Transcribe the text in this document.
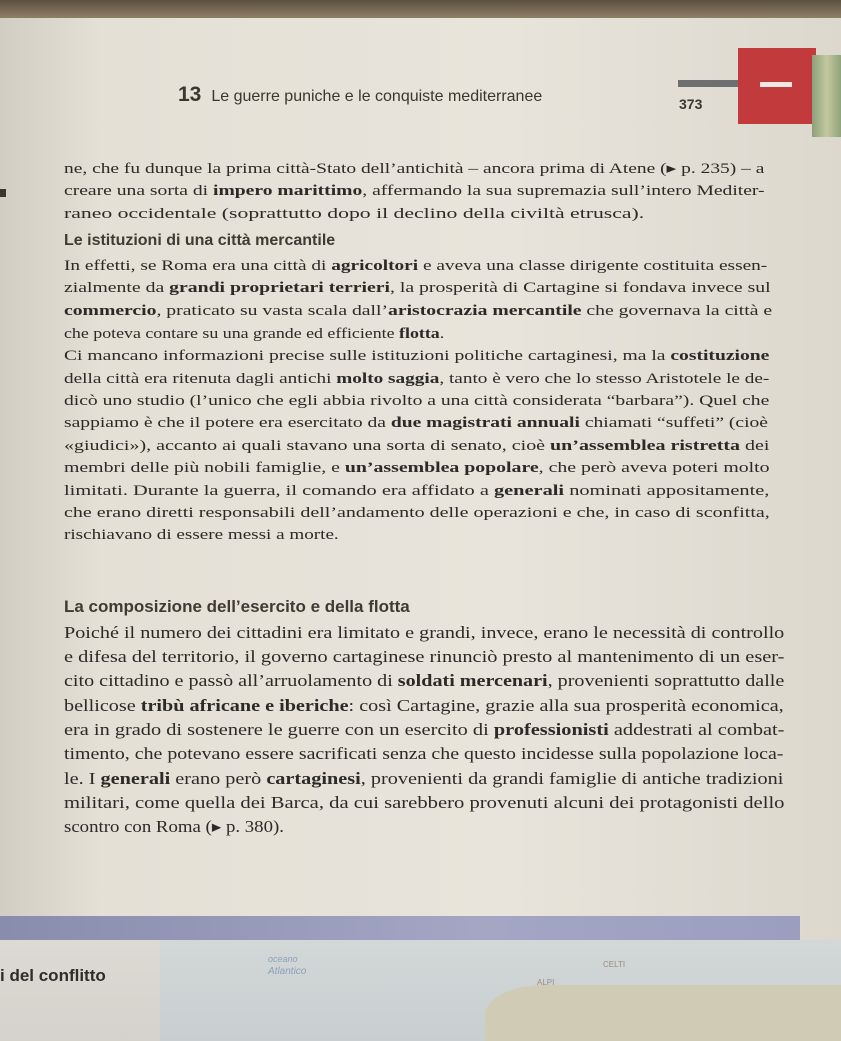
13 Le guerre puniche e le conquiste mediterranee	373
ne, che fu dunque la prima città-Stato dell’antichità – ancora prima di Atene (▸ p. 235) – a
creare una sorta di impero marittimo, affermando la sua supremazia sull’intero Mediter-
raneo occidentale (soprattutto dopo il declino della civiltà etrusca).
Le istituzioni di una città mercantile
In effetti, se Roma era una città di agricoltori e aveva una classe dirigente costituita essen-
zialmente da grandi proprietari terrieri, la prosperità di Cartagine si fondava invece sul
commercio, praticato su vasta scala dall’aristocrazia mercantile che governava la città e
che poteva contare su una grande ed efficiente flotta.
Ci mancano informazioni precise sulle istituzioni politiche cartaginesi, ma la costituzione
della città era ritenuta dagli antichi molto saggia, tanto è vero che lo stesso Aristotele le de-
dicò uno studio (l’unico che egli abbia rivolto a una città considerata “barbara”). Quel che
sappiamo è che il potere era esercitato da due magistrati annuali chiamati “suffeti” (cioè
«giudici»), accanto ai quali stavano una sorta di senato, cioè un’assemblea ristretta dei
membri delle più nobili famiglie, e un’assemblea popolare, che però aveva poteri molto
limitati. Durante la guerra, il comando era affidato a generali nominati appositamente,
che erano diretti responsabili dell’andamento delle operazioni e che, in caso di sconfitta,
rischiavano di essere messi a morte.
La composizione dell’esercito e della flotta
Poiché il numero dei cittadini era limitato e grandi, invece, erano le necessità di controllo
e difesa del territorio, il governo cartaginese rinunciò presto al mantenimento di un eser-
cito cittadino e passò all’arruolamento di soldati mercenari, provenienti soprattutto dalle
bellicose tribù africane e iberiche: così Cartagine, grazie alla sua prosperità economica,
era in grado di sostenere le guerre con un esercito di professionisti addestrati al combat-
timento, che potevano essere sacrificati senza che questo incidesse sulla popolazione loca-
le. I generali erano però cartaginesi, provenienti da grandi famiglie di antiche tradizioni
militari, come quella dei Barca, da cui sarebbero provenuti alcuni dei protagonisti dello
scontro con Roma (▸ p. 380).
i del conflitto
oceano
Atlantico
ALPI
CELTI
